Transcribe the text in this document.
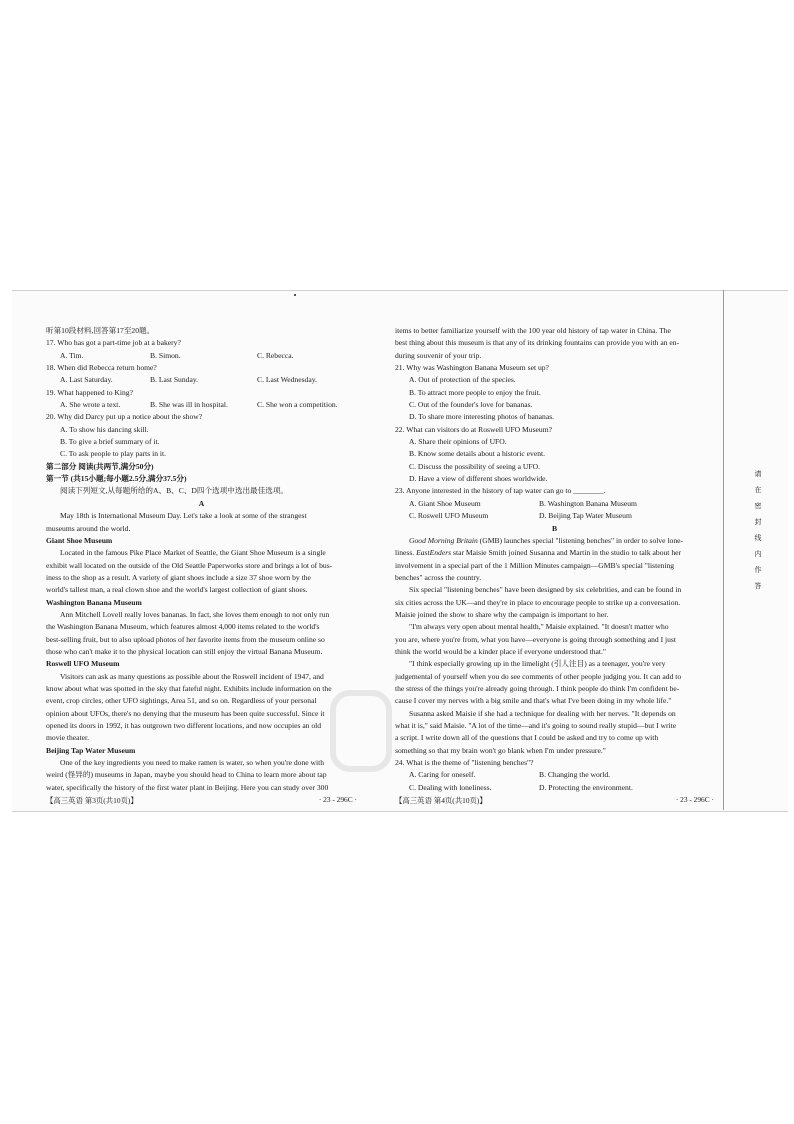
听第10段材料,回答第17至20题。
17. Who has got a part-time job at a bakery?
A. Tim.	B. Simon.	C. Rebecca.
18. When did Rebecca return home?
A. Last Saturday.	B. Last Sunday.	C. Last Wednesday.
19. What happened to King?
A. She wrote a text.	B. She was ill in hospital.	C. She won a competition.
20. Why did Darcy put up a notice about the show?
A. To show his dancing skill.
B. To give a brief summary of it.
C. To ask people to play parts in it.
第二部分 阅读(共两节,满分50分)
第一节 (共15小题;每小题2.5分,满分37.5分)
阅读下列短文,从每题所给的A、B、C、D四个选项中选出最佳选项。
A
May 18th is International Museum Day. Let's take a look at some of the strangest
museums around the world.
Giant Shoe Museum
Located in the famous Pike Place Market of Seattle, the Giant Shoe Museum is a single
exhibit wall located on the outside of the Old Seattle Paperworks store and brings a lot of bus-
iness to the shop as a result. A variety of giant shoes include a size 37 shoe worn by the
world's tallest man, a real clown shoe and the world's largest collection of giant shoes.
Washington Banana Museum
Ann Mitchell Lovell really loves bananas. In fact, she loves them enough to not only run
the Washington Banana Museum, which features almost 4,000 items related to the world's
best-selling fruit, but to also upload photos of her favorite items from the museum online so
those who can't make it to the physical location can still enjoy the virtual Banana Museum.
Roswell UFO Museum
Visitors can ask as many questions as possible about the Roswell incident of 1947, and
know about what was spotted in the sky that fateful night. Exhibits include information on the
event, crop circles, other UFO sightings, Area 51, and so on. Regardless of your personal
opinion about UFOs, there's no denying that the museum has been quite successful. Since it
opened its doors in 1992, it has outgrown two different locations, and now occupies an old
movie theater.
Beijing Tap Water Museum
One of the key ingredients you need to make ramen is water, so when you're done with
weird (怪异的) museums in Japan, maybe you should head to China to learn more about tap
water, specifically the history of the first water plant in Beijing. Here you can study over 300
items to better familiarize yourself with the 100 year old history of tap water in China. The
best thing about this museum is that any of its drinking fountains can provide you with an en-
during souvenir of your trip.
21. Why was Washington Banana Museum set up?
A. Out of protection of the species.
B. To attract more people to enjoy the fruit.
C. Out of the founder's love for bananas.
D. To share more interesting photos of bananas.
22. What can visitors do at Roswell UFO Museum?
A. Share their opinions of UFO.
B. Know some details about a historic event.
C. Discuss the possibility of seeing a UFO.
D. Have a view of different shoes worldwide.
23. Anyone interested in the history of tap water can go to ________.
A. Giant Shoe Museum	B. Washington Banana Museum
C. Roswell UFO Museum	D. Beijing Tap Water Museum
B
Good Morning Britain (GMB) launches special "listening benches" in order to solve lone-
liness. EastEnders star Maisie Smith joined Susanna and Martin in the studio to talk about her
involvement in a special part of the 1 Million Minutes campaign—GMB's special "listening
benches" across the country.
Six special "listening benches" have been designed by six celebrities, and can be found in
six cities across the UK—and they're in place to encourage people to strike up a conversation.
Maisie joined the show to share why the campaign is important to her.
"I'm always very open about mental health," Maisie explained. "It doesn't matter who
you are, where you're from, what you have—everyone is going through something and I just
think the world would be a kinder place if everyone understood that."
"I think especially growing up in the limelight (引人注目) as a teenager, you're very
judgemental of yourself when you do see comments of other people judging you. It can add to
the stress of the things you're already going through. I think people do think I'm confident be-
cause I cover my nerves with a big smile and that's what I've been doing in my whole life."
Susanna asked Maisie if she had a technique for dealing with her nerves. "It depends on
what it is," said Maisie. "A lot of the time—and it's going to sound really stupid—but I write
a script. I write down all of the questions that I could be asked and try to come up with
something so that my brain won't go blank when I'm under pressure."
24. What is the theme of "listening benches"?
A. Caring for oneself.	B. Changing the world.
C. Dealing with loneliness.	D. Protecting the environment.
【高三英语 第3页(共10页)】	· 23 - 296C ·	【高三英语 第4页(共10页)】	· 23 - 296C ·
请
在
密
封
线
内
作
答
